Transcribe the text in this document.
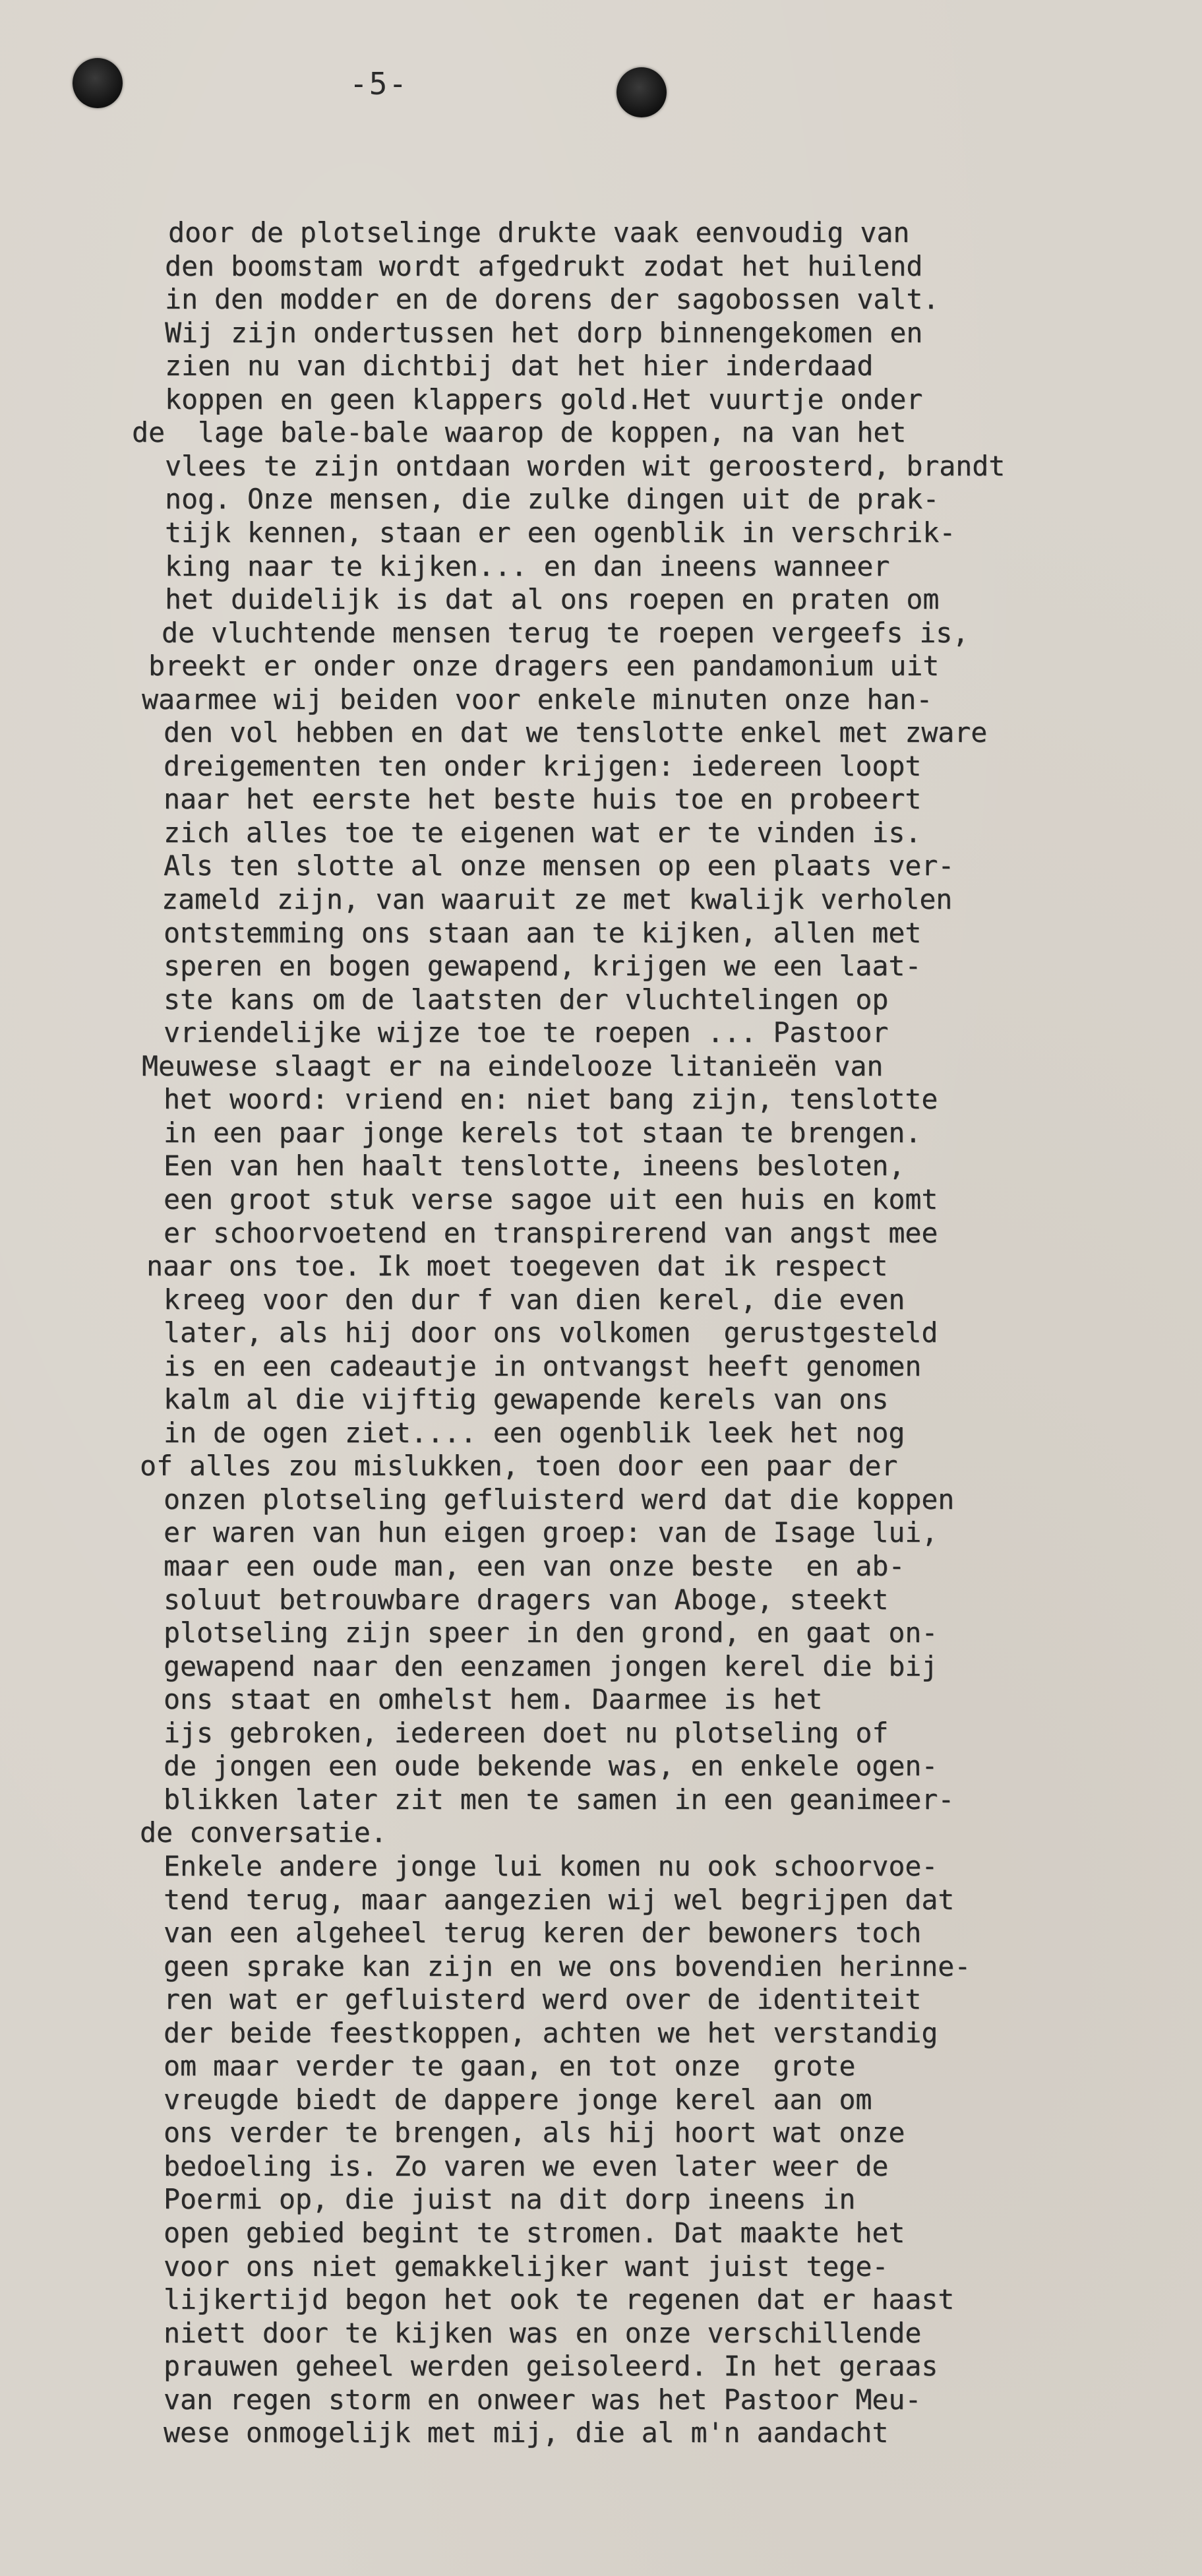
-5-
door de plotselinge drukte vaak eenvoudig van
den boomstam wordt afgedrukt zodat het huilend
in den modder en de dorens der sagobossen valt.
Wij zijn ondertussen het dorp binnengekomen en
zien nu van dichtbij dat het hier inderdaad
koppen en geen klappers gold.Het vuurtje onder
de  lage bale-bale waarop de koppen, na van het
vlees te zijn ontdaan worden wit geroosterd, brandt
nog. Onze mensen, die zulke dingen uit de prak-
tijk kennen, staan er een ogenblik in verschrik-
king naar te kijken... en dan ineens wanneer
het duidelijk is dat al ons roepen en praten om
de vluchtende mensen terug te roepen vergeefs is,
breekt er onder onze dragers een pandamonium uit
waarmee wij beiden voor enkele minuten onze han-
den vol hebben en dat we tenslotte enkel met zware
dreigementen ten onder krijgen: iedereen loopt
naar het eerste het beste huis toe en probeert
zich alles toe te eigenen wat er te vinden is.
Als ten slotte al onze mensen op een plaats ver-
zameld zijn, van waaruit ze met kwalijk verholen
ontstemming ons staan aan te kijken, allen met
speren en bogen gewapend, krijgen we een laat-
ste kans om de laatsten der vluchtelingen op
vriendelijke wijze toe te roepen ... Pastoor
Meuwese slaagt er na eindelooze litanieën van
het woord: vriend en: niet bang zijn, tenslotte
in een paar jonge kerels tot staan te brengen.
Een van hen haalt tenslotte, ineens besloten,
een groot stuk verse sagoe uit een huis en komt
er schoorvoetend en transpirerend van angst mee
naar ons toe. Ik moet toegeven dat ik respect
kreeg voor den dur f van dien kerel, die even
later, als hij door ons volkomen  gerustgesteld
is en een cadeautje in ontvangst heeft genomen
kalm al die vijftig gewapende kerels van ons
in de ogen ziet.... een ogenblik leek het nog
of alles zou mislukken, toen door een paar der
onzen plotseling gefluisterd werd dat die koppen
er waren van hun eigen groep: van de Isage lui,
maar een oude man, een van onze beste  en ab-
soluut betrouwbare dragers van Aboge, steekt
plotseling zijn speer in den grond, en gaat on-
gewapend naar den eenzamen jongen kerel die bij
ons staat en omhelst hem. Daarmee is het
ijs gebroken, iedereen doet nu plotseling of
de jongen een oude bekende was, en enkele ogen-
blikken later zit men te samen in een geanimeer-
de conversatie.
Enkele andere jonge lui komen nu ook schoorvoe-
tend terug, maar aangezien wij wel begrijpen dat
van een algeheel terug keren der bewoners toch
geen sprake kan zijn en we ons bovendien herinne-
ren wat er gefluisterd werd over de identiteit
der beide feestkoppen, achten we het verstandig
om maar verder te gaan, en tot onze  grote
vreugde biedt de dappere jonge kerel aan om
ons verder te brengen, als hij hoort wat onze
bedoeling is. Zo varen we even later weer de
Poermi op, die juist na dit dorp ineens in
open gebied begint te stromen. Dat maakte het
voor ons niet gemakkelijker want juist tege-
lijkertijd begon het ook te regenen dat er haast
niett door te kijken was en onze verschillende
prauwen geheel werden geisoleerd. In het geraas
van regen storm en onweer was het Pastoor Meu-
wese onmogelijk met mij, die al m'n aandacht
